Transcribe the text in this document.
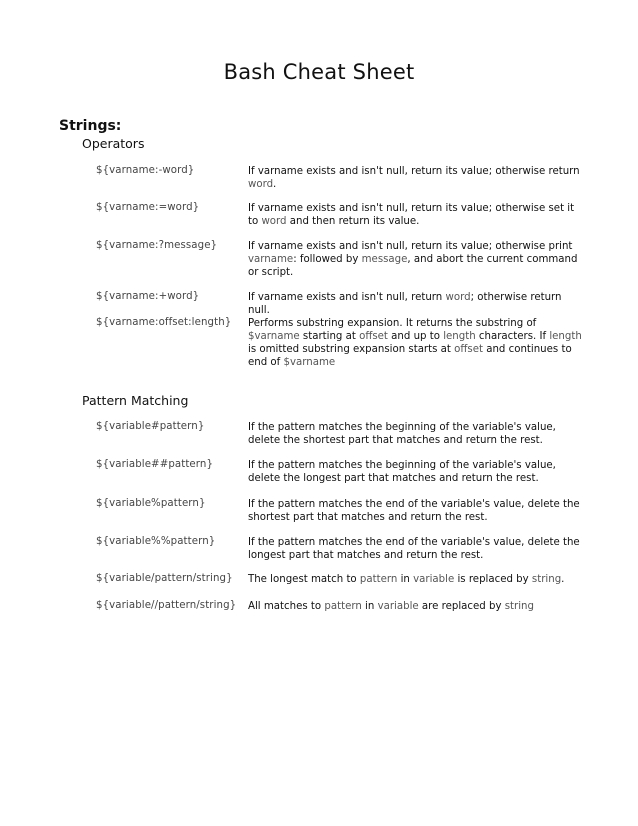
Bash Cheat Sheet
Strings:
Operators
${varname:-word}	If varname exists and isn't null, return its value; otherwise return word.
${varname:=word}	If varname exists and isn't null, return its value; otherwise set it to word and then return its value.
${varname:?message}	If varname exists and isn't null, return its value; otherwise print varname: followed by message, and abort the current command or script.
${varname:+word}	If varname exists and isn't null, return word; otherwise return null.
${varname:offset:length}	Performs substring expansion. It returns the substring of $varname starting at offset and up to length characters. If length is omitted substring expansion starts at offset and continues to end of $varname
Pattern Matching
${variable#pattern}	If the pattern matches the beginning of the variable's value, delete the shortest part that matches and return the rest.
${variable##pattern}	If the pattern matches the beginning of the variable's value, delete the longest part that matches and return the rest.
${variable%pattern}	If the pattern matches the end of the variable's value, delete the shortest part that matches and return the rest.
${variable%%pattern}	If the pattern matches the end of the variable's value, delete the longest part that matches and return the rest.
${variable/pattern/string}	The longest match to pattern in variable is replaced by string.
${variable//pattern/string}	All matches to pattern in variable are replaced by string
